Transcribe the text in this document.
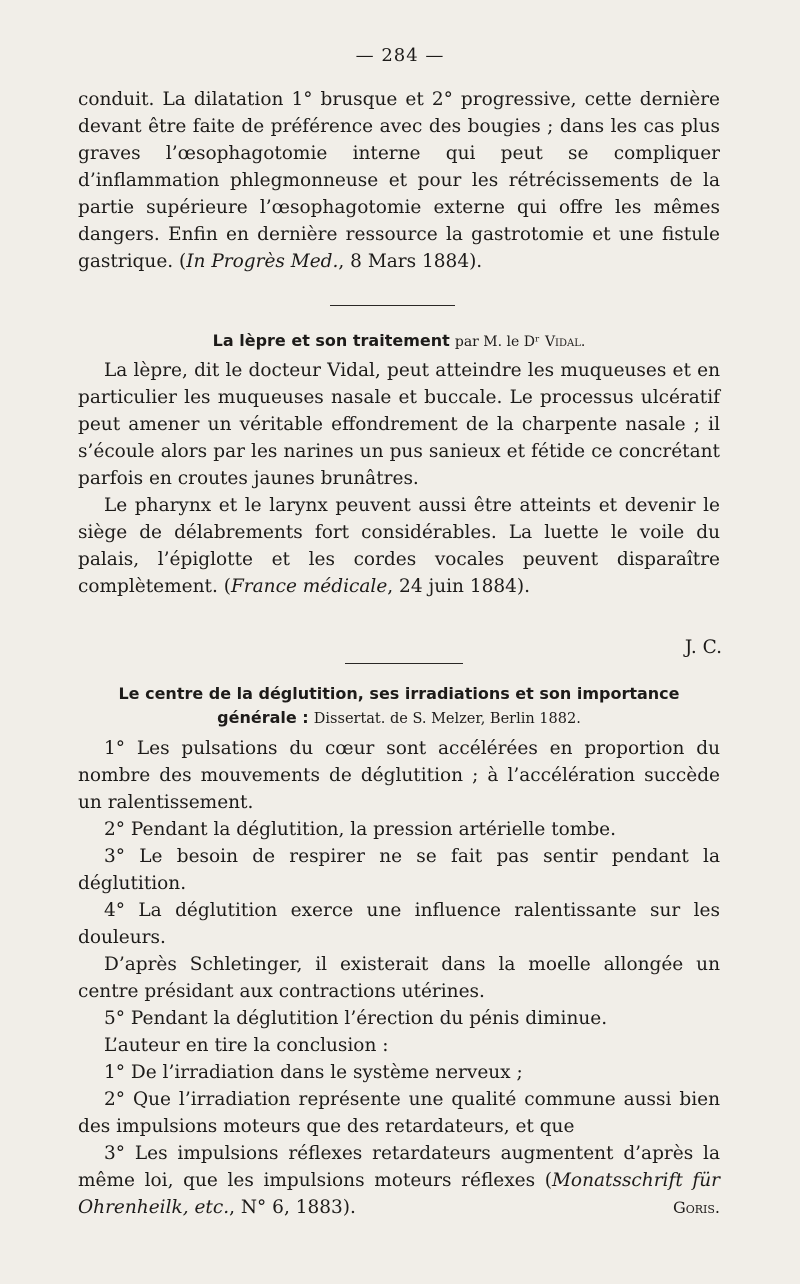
— 284 —

conduit. La dilatation 1° brusque et 2° progressive, cette dernière devant être faite de préférence avec des bougies ; dans les cas plus graves l’œsophagotomie interne qui peut se compliquer d’inflammation phlegmonneuse et pour les rétrécissements de la partie supérieure l’œsophagotomie externe qui offre les mêmes dangers. Enfin en dernière ressource la gastrotomie et une fistule gastrique. (In Progrès Med., 8 Mars 1884).

La lèpre et son traitement par M. le Dʳ Vidal.

La lèpre, dit le docteur Vidal, peut atteindre les muqueuses et en particulier les muqueuses nasale et buccale. Le processus ulcératif peut amener un véritable effondrement de la charpente nasale ; il s’écoule alors par les narines un pus sanieux et fétide ce concrétant parfois en croutes jaunes brunâtres.

Le pharynx et le larynx peuvent aussi être atteints et devenir le siège de délabrements fort considérables. La luette le voile du palais, l’épiglotte et les cordes vocales peuvent disparaître complètement. (France médicale, 24 juin 1884).

J. C.
Le centre de la déglutition, ses irradiations et son importance générale : Dissertat. de S. Melzer, Berlin 1882.

1° Les pulsations du cœur sont accélérées en proportion du nombre des mouvements de déglutition ; à l’accélération succède un ralentissement.

2° Pendant la déglutition, la pression artérielle tombe.

3° Le besoin de respirer ne se fait pas sentir pendant la déglutition.

4° La déglutition exerce une influence ralentissante sur les douleurs.

D’après Schletinger, il existerait dans la moelle allongée un centre présidant aux contractions utérines.

5° Pendant la déglutition l’érection du pénis diminue.

L’auteur en tire la conclusion :

1° De l’irradiation dans le système nerveux ;

2° Que l’irradiation représente une qualité commune aussi bien des impulsions moteurs que des retardateurs, et que

3° Les impulsions réflexes retardateurs augmentent d’après la même loi, que les impulsions moteurs réflexes (Monatsschrift für Ohrenheilk, etc., N° 6, 1883).	Goris.
